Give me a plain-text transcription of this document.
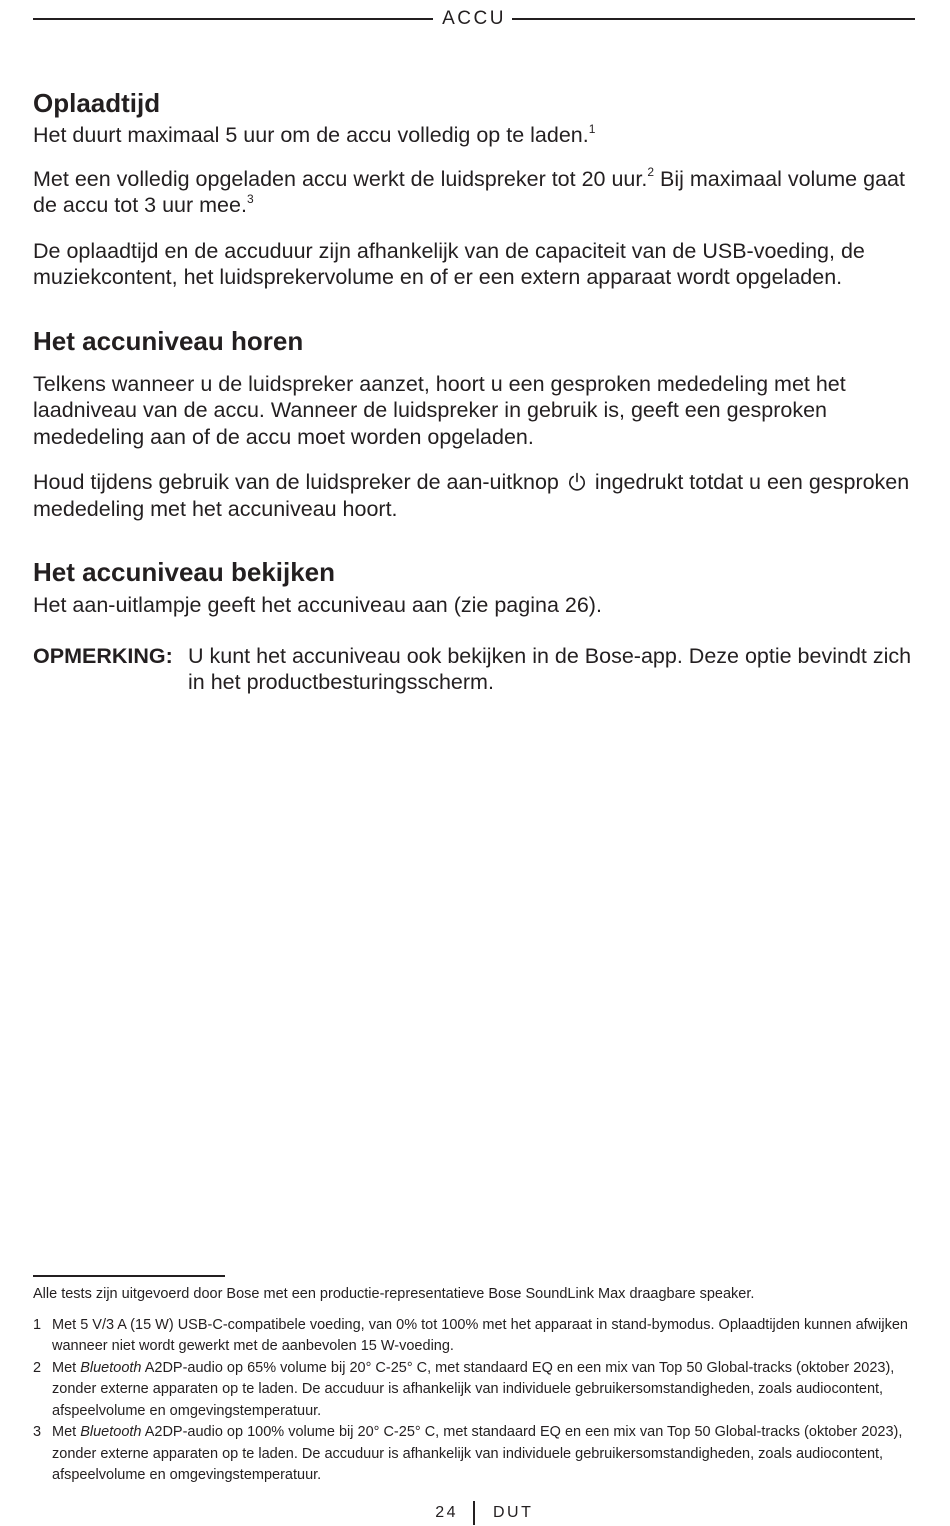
ACCU
Oplaadtijd

Het duurt maximaal 5 uur om de accu volledig op te laden.$^1$

Met een volledig opgeladen accu werkt de luidspreker tot 20 uur.$^2$ Bij maximaal volume gaat de accu tot 3 uur mee.$^3$

De oplaadtijd en de accuduur zijn afhankelijk van de capaciteit van de USB-voeding, de muziekcontent, het luidsprekervolume en of er een extern apparaat wordt opgeladen.

Het accuniveau horen

Telkens wanneer u de luidspreker aanzet, hoort u een gesproken mededeling met het laadniveau van de accu. Wanneer de luidspreker in gebruik is, geeft een gesproken mededeling aan of de accu moet worden opgeladen.

Houd tijdens gebruik van de luidspreker de aan-uitknop ingedrukt totdat u een gesproken mededeling met het accuniveau hoort.

Het accuniveau bekijken

Het aan-uitlampje geeft het accuniveau aan (zie pagina 26).

OPMERKING: U kunt het accuniveau ook bekijken in de Bose-app. Deze optie bevindt zich in het productbesturingsscherm.

Alle tests zijn uitgevoerd door Bose met een productie-representatieve Bose SoundLink Max draagbare speaker.
1 Met 5 V/3 A (15 W) USB-C-compatibele voeding, van 0% tot 100% met het apparaat in stand-bymodus. Oplaadtijden kunnen afwijken wanneer niet wordt gewerkt met de aanbevolen 15 W-voeding.
2 Met Bluetooth A2DP-audio op 65% volume bij 20° C-25° C, met standaard EQ en een mix van Top 50 Global-tracks (oktober 2023), zonder externe apparaten op te laden. De accuduur is afhankelijk van individuele gebruikersomstandigheden, zoals audiocontent, afspeelvolume en omgevingstemperatuur.
3 Met Bluetooth A2DP-audio op 100% volume bij 20° C-25° C, met standaard EQ en een mix van Top 50 Global-tracks (oktober 2023), zonder externe apparaten op te laden. De accuduur is afhankelijk van individuele gebruikersomstandigheden, zoals audiocontent, afspeelvolume en omgevingstemperatuur.
24 DUT
